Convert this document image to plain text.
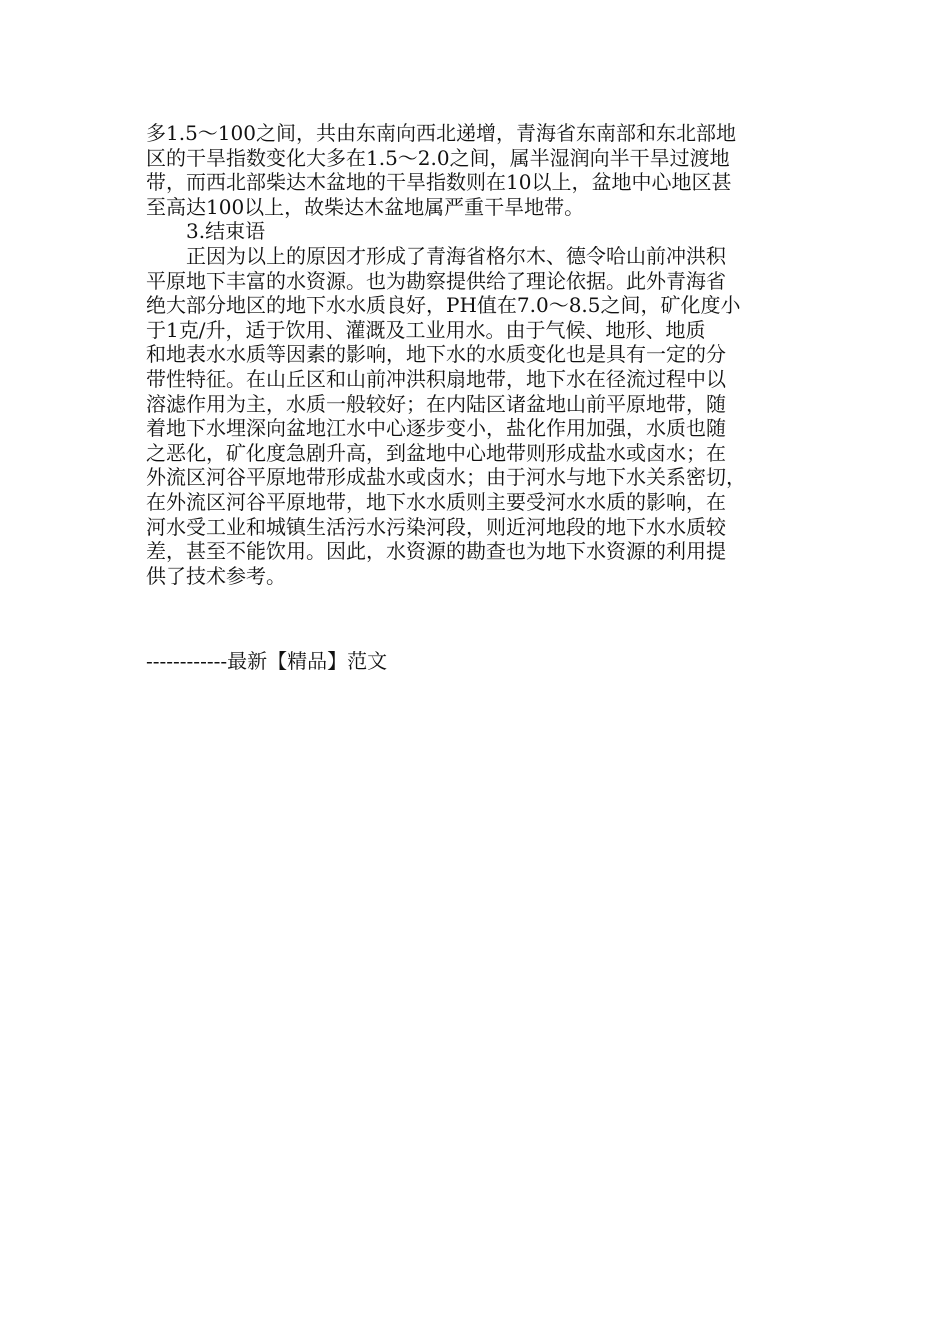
多1.5～100之间，共由东南向西北递增，青海省东南部和东北部地
区的干旱指数变化大多在1.5～2.0之间，属半湿润向半干旱过渡地
带，而西北部柴达木盆地的干旱指数则在10以上，盆地中心地区甚
至高达100以上，故柴达木盆地属严重干旱地带。
3.结束语
正因为以上的原因才形成了青海省格尔木、德令哈山前冲洪积
平原地下丰富的水资源。也为勘察提供给了理论依据。此外青海省
绝大部分地区的地下水水质良好，PH值在7.0～8.5之间，矿化度小
于1克/升，适于饮用、灌溉及工业用水。由于气候、地形、地质
和地表水水质等因素的影响，地下水的水质变化也是具有一定的分
带性特征。在山丘区和山前冲洪积扇地带，地下水在径流过程中以
溶滤作用为主，水质一般较好；在内陆区诸盆地山前平原地带，随
着地下水埋深向盆地江水中心逐步变小，盐化作用加强，水质也随
之恶化，矿化度急剧升高，到盆地中心地带则形成盐水或卤水；在
外流区河谷平原地带形成盐水或卤水；由于河水与地下水关系密切，
在外流区河谷平原地带，地下水水质则主要受河水水质的影响，在
河水受工业和城镇生活污水污染河段，则近河地段的地下水水质较
差，甚至不能饮用。因此，水资源的勘查也为地下水资源的利用提
供了技术参考。
------------最新【精品】范文
